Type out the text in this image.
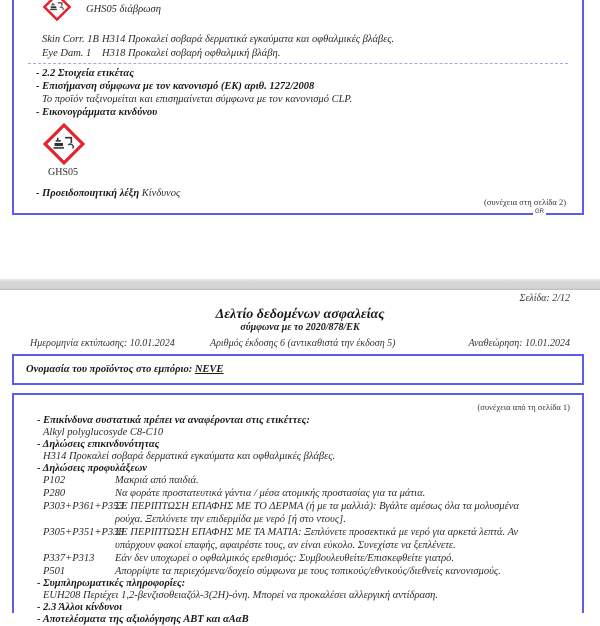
GHS05 διάβρωση
Skin Corr. 1B H314 Προκαλεί σοβαρά δερματικά εγκαύματα και οφθαλμικές βλάβες.
Eye Dam. 1 H318 Προκαλεί σοβαρή οφθαλμική βλάβη.
- 2.2 Στοιχεία ετικέτας
- Επισήμανση σύμφωνα με τον κανονισμό (ΕΚ) αριθ. 1272/2008
Το προϊόν ταξινομείται και επισημαίνεται σύμφωνα με τον κανονισμό CLP.
- Εικονογράμματα κινδύνου
GHS05
- Προειδοποιητική λέξη Κίνδυνος
(συνέχεια στη σελίδα 2)
GR
Σελίδα: 2/12
Δελτίο δεδομένων ασφαλείας
σύμφωνα με το 2020/878/ΕΚ
Ημερομηνία εκτύπωσης: 10.01.2024	Αριθμός έκδοσης 6 (αντικαθιστά την έκδοση 5)	Αναθεώρηση: 10.01.2024
Ονομασία του προϊόντος στο εμπόριο: NEVE
(συνέχεια από τη σελίδα 1)
- Επικίνδυνα συστατικά πρέπει να αναφέρονται στις ετικέττες:
Alkyl polyglucosyde C8-C10
- Δηλώσεις επικινδυνότητας
H314 Προκαλεί σοβαρά δερματικά εγκαύματα και οφθαλμικές βλάβες.
- Δηλώσεις προφυλάξεων
P102	Μακριά από παιδιά.
P280	Να φοράτε προστατευτικά γάντια / μέσα ατομικής προστασίας για τα μάτια.
P303+P361+P353
ΣΕ ΠΕΡΙΠΤΩΣΗ ΕΠΑΦΗΣ ΜΕ ΤΟ ΔΕΡΜΑ (ή με τα μαλλιά): Βγάλτε αμέσως όλα τα μολυσμένα
ρούχα. Ξεπλύνετε την επιδερμίδα με νερό [ή στο ντους].
P305+P351+P338
ΣΕ ΠΕΡΙΠΤΩΣΗ ΕΠΑΦΗΣ ΜΕ ΤΑ ΜΑΤΙΑ: Ξεπλύνετε προσεκτικά με νερό για αρκετά λεπτά. Αν
υπάρχουν φακοί επαφής, αφαιρέστε τους, αν είναι εύκολο. Συνεχίστε να ξεπλένετε.
P337+P313 Εάν δεν υποχωρεί ο οφθαλμικός ερεθισμός: Συμβουλευθείτε/Επισκεφθείτε γιατρό.
P501	Απορρίψτε τα περιεχόμενα/δοχείο σύμφωνα με τους τοπικούς/εθνικούς/διεθνείς κανονισμούς.
- Συμπληρωματικές πληροφορίες:
EUH208 Περιέχει 1,2-βενζισοθειαζόλ-3(2Η)-όνη. Μπορεί να προκαλέσει αλλεργική αντίδραση.
- 2.3 Άλλοι κίνδυνοι
- Αποτελέσματα της αξιολόγησης ΑΒΤ και αΑαΒ
